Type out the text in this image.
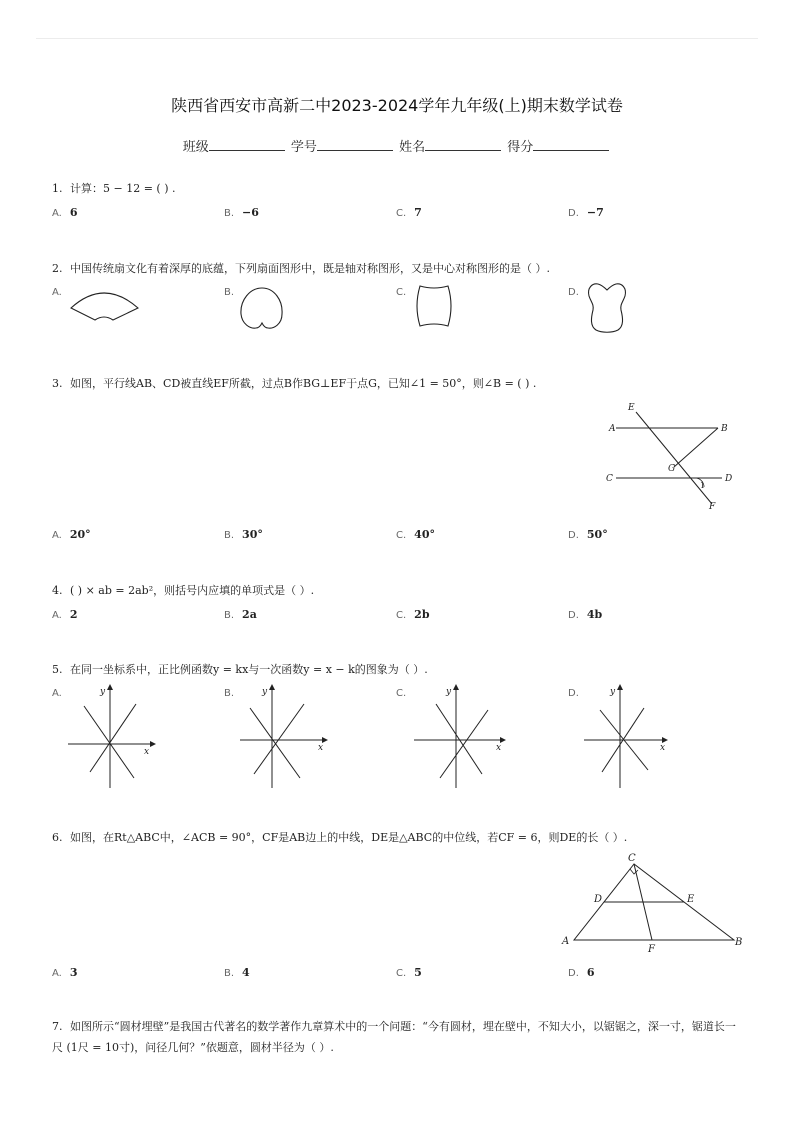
陕西省西安市高新二中2023-2024学年九年级(上)期末数学试卷
班级	学号	姓名	得分
1. 计算：5 − 12 = ( ) .
A. 6	B. −6	C. 7	D. −7
2. 中国传统扇文化有着深厚的底蕴，下列扇面图形中，既是轴对称图形，又是中心对称图形的是（ ）.
A.	B.	C.	D.
3. 如图，平行线AB、CD被直线EF所截，过点B作BG⊥EF于点G，已知∠1 = 50°，则∠B = ( ) .
E
A	B
G
C	D
1
F
A. 20°	B. 30°	C. 40°	D. 50°
4. ( ) × ab = 2ab²，则括号内应填的单项式是（ ）.
A. 2	B. 2a	C. 2b	D. 4b
5. 在同一坐标系中，正比例函数y = kx与一次函数y = x − k的图象为（ ）.
A.	B.	C.	D.
y
x
y
x
y
x
y
x
6. 如图，在Rt△ABC中，∠ACB = 90°，CF是AB边上的中线，DE是△ABC的中位线，若CF = 6，则DE的长（ ）.
C
D	E
A
F
B
A. 3	B. 4	C. 5	D. 6
7. 如图所示“圆材埋壁”是我国古代著名的数学著作九章算术中的一个问题：“今有圆材，埋在壁中，不知大小，以锯锯之，深一寸，锯道长一尺 (1尺 = 10寸)，问径几何？”依题意，圆材半径为（ ）.
